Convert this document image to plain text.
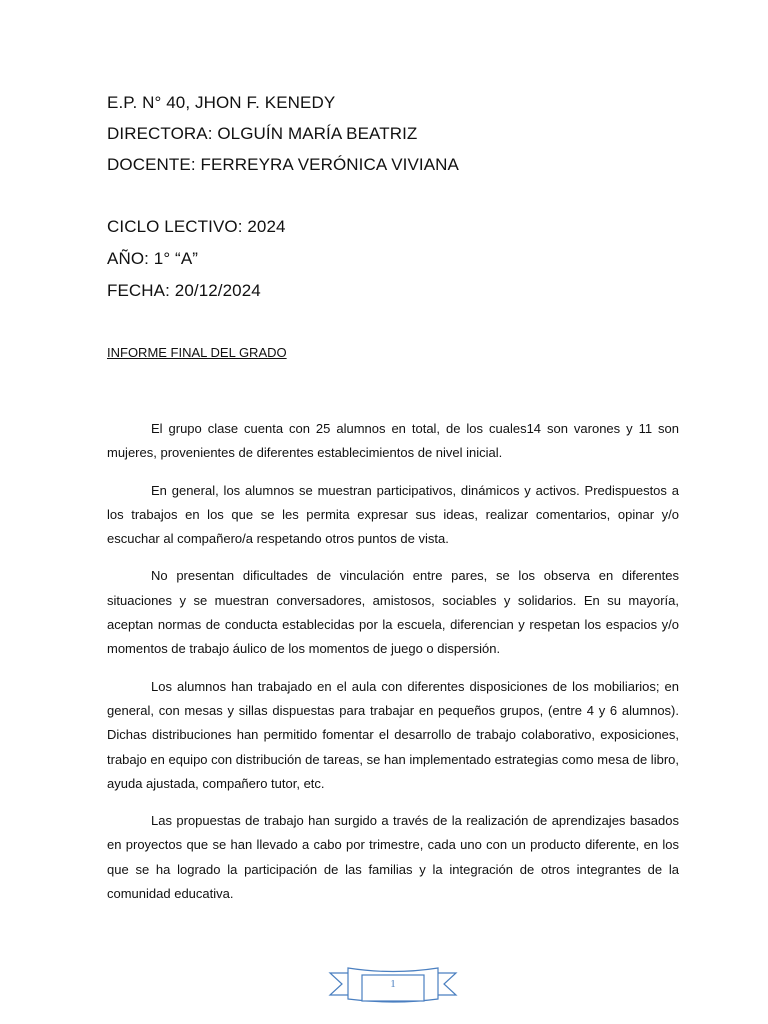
E.P. N° 40, JHON F. KENEDY
DIRECTORA: OLGUÍN MARÍA BEATRIZ
DOCENTE: FERREYRA VERÓNICA VIVIANA
CICLO LECTIVO: 2024
AÑO: 1° “A”
FECHA: 20/12/2024
INFORME FINAL DEL GRADO

El grupo clase cuenta con 25 alumnos en total, de los cuales14 son varones y 11 son mujeres, provenientes de diferentes establecimientos de nivel inicial.

En general, los alumnos se muestran participativos, dinámicos y activos. Predispuestos a los trabajos en los que se les permita expresar sus ideas, realizar comentarios, opinar y/o escuchar al compañero/a respetando otros puntos de vista.

No presentan dificultades de vinculación entre pares, se los observa en diferentes situaciones y se muestran conversadores, amistosos, sociables y solidarios. En su mayoría, aceptan normas de conducta establecidas por la escuela, diferencian y respetan los espacios y/o momentos de trabajo áulico de los momentos de juego o dispersión.

Los alumnos han trabajado en el aula con diferentes disposiciones de los mobiliarios; en general, con mesas y sillas dispuestas para trabajar en pequeños grupos, (entre 4 y 6 alumnos). Dichas distribuciones han permitido fomentar el desarrollo de trabajo colaborativo, exposiciones, trabajo en equipo con distribución de tareas, se han implementado estrategias como mesa de libro, ayuda ajustada, compañero tutor, etc.

Las propuestas de trabajo han surgido a través de la realización de aprendizajes basados en proyectos que se han llevado a cabo por trimestre, cada uno con un producto diferente, en los que se ha logrado la participación de las familias y la integración de otros integrantes de la comunidad educativa.

1
